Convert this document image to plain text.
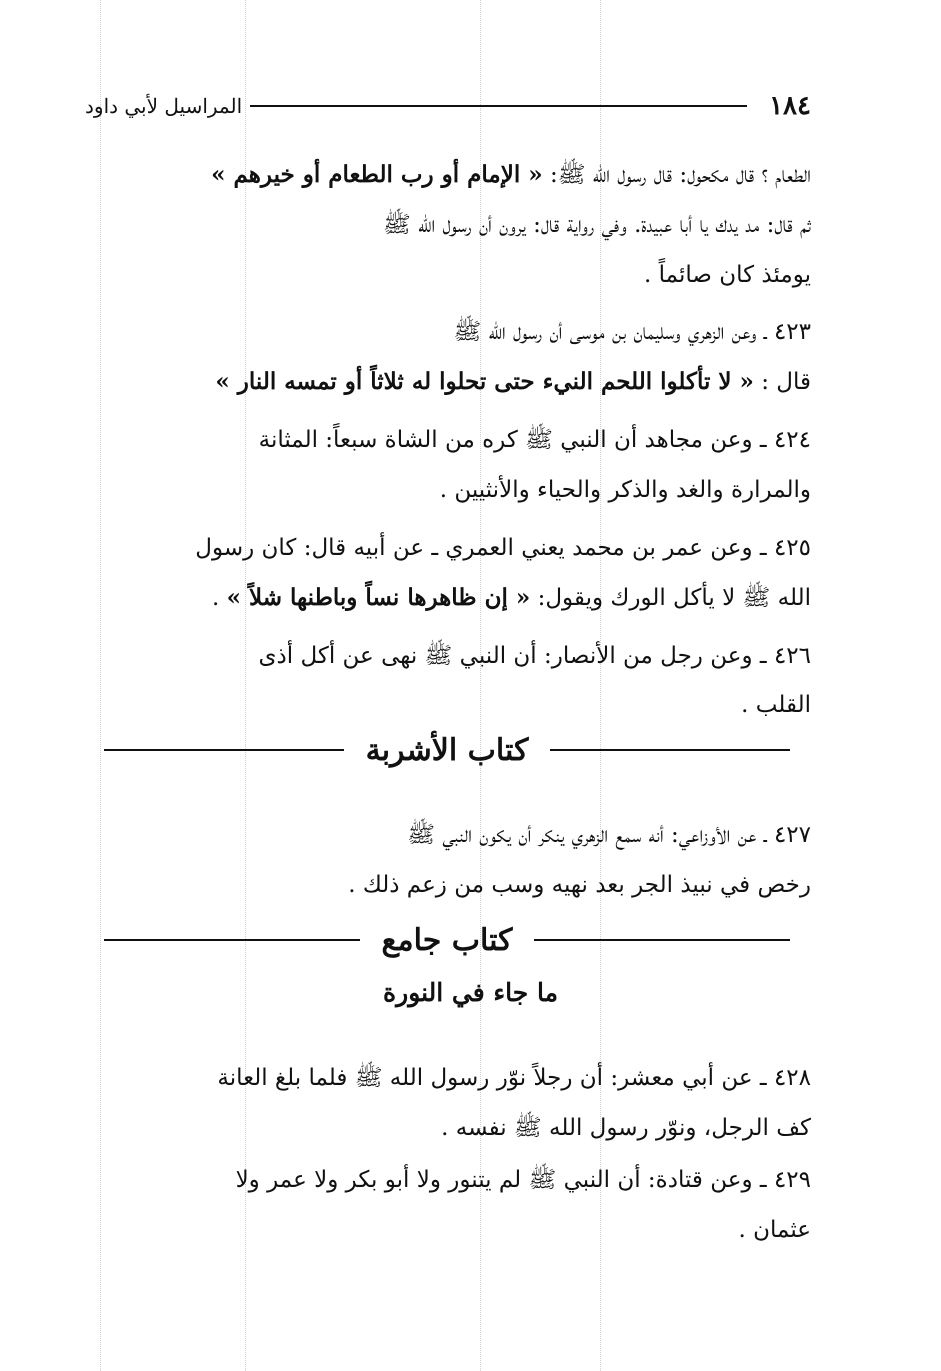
١٨٤
المراسيل لأبي داود
الطعام ؟ قال مكحول: قال رسول الله ﷺ: « الإمام أو رب الطعام أو خيرهم »
ثم قال: مد يدك يا أبا عبيدة. وفي رواية قال: يرون أن رسول الله ﷺ
يومئذ كان صائماً .
٤٢٣ ـ وعن الزهري وسليمان بن موسى أن رسول الله ﷺ
قال : « لا تأكلوا اللحم النيء حتى تحلوا له ثلاثاً أو تمسه النار »
٤٢٤ ـ وعن مجاهد أن النبي ﷺ كره من الشاة سبعاً: المثانة
والمرارة والغد والذكر والحياء والأنثيين .
٤٢٥ ـ وعن عمر بن محمد يعني العمري ـ عن أبيه قال: كان رسول
الله ﷺ لا يأكل الورك ويقول: « إن ظاهرها نساً وباطنها شلاً » .
٤٢٦ ـ وعن رجل من الأنصار: أن النبي ﷺ نهى عن أكل أذى
القلب .
كتاب الأشربة
٤٢٧ ـ عن الأوزاعي: أنه سمع الزهري ينكر أن يكون النبي ﷺ
رخص في نبيذ الجر بعد نهيه وسب من زعم ذلك .
كتاب جامع
ما جاء في النورة
٤٢٨ ـ عن أبي معشر: أن رجلاً نوّر رسول الله ﷺ فلما بلغ العانة
كف الرجل، ونوّر رسول الله ﷺ نفسه .
٤٢٩ ـ وعن قتادة: أن النبي ﷺ لم يتنور ولا أبو بكر ولا عمر ولا
عثمان .
